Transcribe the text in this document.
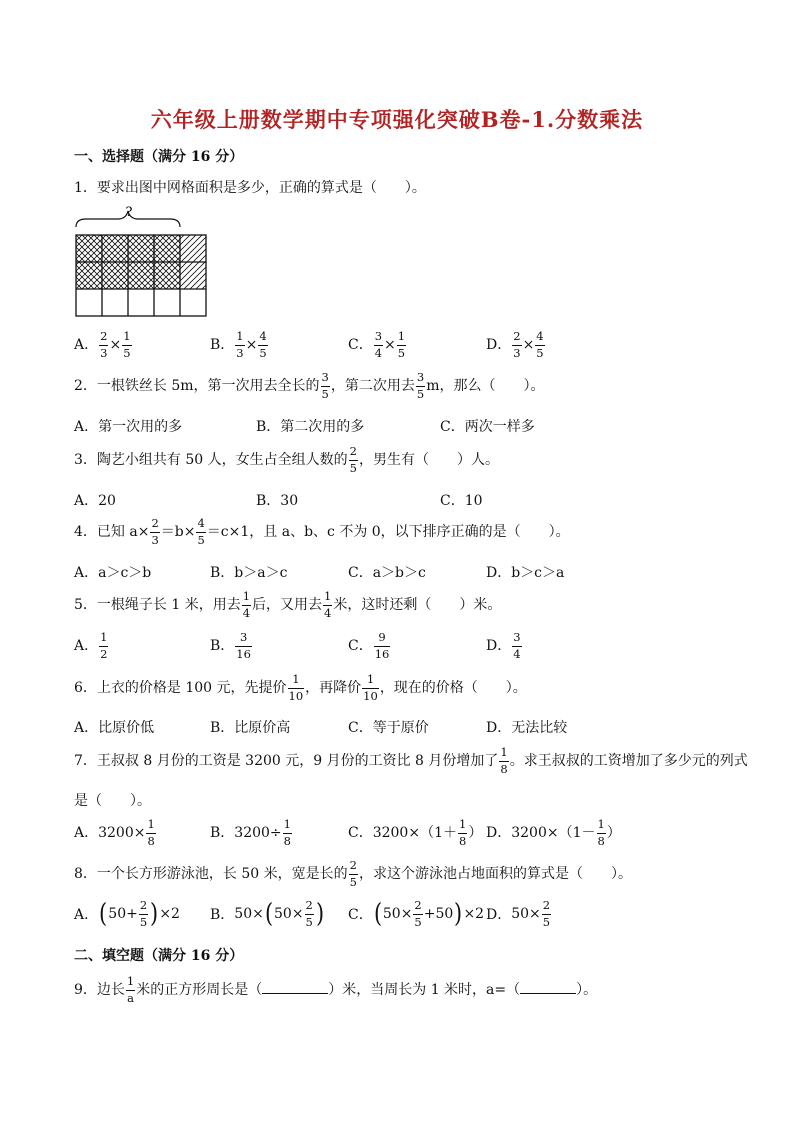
六年级上册数学期中专项强化突破B卷-1.分数乘法
一、选择题（满分 16 分）
1．要求出图中网格面积是多少，正确的算式是（　　）。
?
A． $\frac{2}{3} \times \frac{1}{5}$	B． $\frac{1}{3} \times \frac{4}{5}$	C． $\frac{3}{4} \times \frac{1}{5}$	D． $\frac{2}{3} \times \frac{4}{5}$
2．一根铁丝长 5m，第一次用去全长的 $\frac{3}{5}$ ，第二次用去 $\frac{3}{5}$ m，那么（　　）。
A．第一次用的多	B．第二次用的多	C．两次一样多
3．陶艺小组共有 50 人，女生占全组人数的 $\frac{2}{5}$ ，男生有（　　）人。
A．20	B．30	C．10
4．已知 $a\times \frac{2}{3} =b\times \frac{4}{5} =c\times 1$，且 a、b、c 不为 0，以下排序正确的是（　　）。
A．a＞c＞b	B．b＞a＞c	C．a＞b＞c	D．b＞c＞a
5．一根绳子长 1 米，用去 $\frac{1}{4}$ 后，又用去 $\frac{1}{4}$ 米，这时还剩（　　）米。
A． $\frac{1}{2}$	B． $\frac{3}{16}$	C． $\frac{9}{16}$	D． $\frac{3}{4}$
6．上衣的价格是 100 元，先提价 $\frac{1}{10}$ ，再降价 $\frac{1}{10}$ ，现在的价格（　　）。
A．比原价低	B．比原价高	C．等于原价	D．无法比较
7．王叔叔 8 月份的工资是 3200 元，9 月份的工资比 8 月份增加了 $\frac{1}{8}$ 。求王叔叔的工资增加了多少元的列式
是（　　）。
A．$3200\times \frac{1}{8}$	B．$3200\div \frac{1}{8}$	C．$3200\times(1+ \frac{1}{8}$ ） D．$3200\times(1- \frac{1}{8}$ ）
8．一个长方形游泳池，长 50 米，宽是长的 $\frac{2}{5}$ ，求这个游泳池占地面积的算式是（　　）。
A．$(50+ \frac{2}{5} )\times 2$ B．$50\times(50\times \frac{2}{5}$ ) C．$(50\times \frac{2}{5} +50)\times 2$ D．$50\times \frac{2}{5}$
二、填空题（满分 16 分）
9．边长 $\frac{1}{a}$ 米的正方形周长是（	）米，当周长为 1 米时，a=（	）。
